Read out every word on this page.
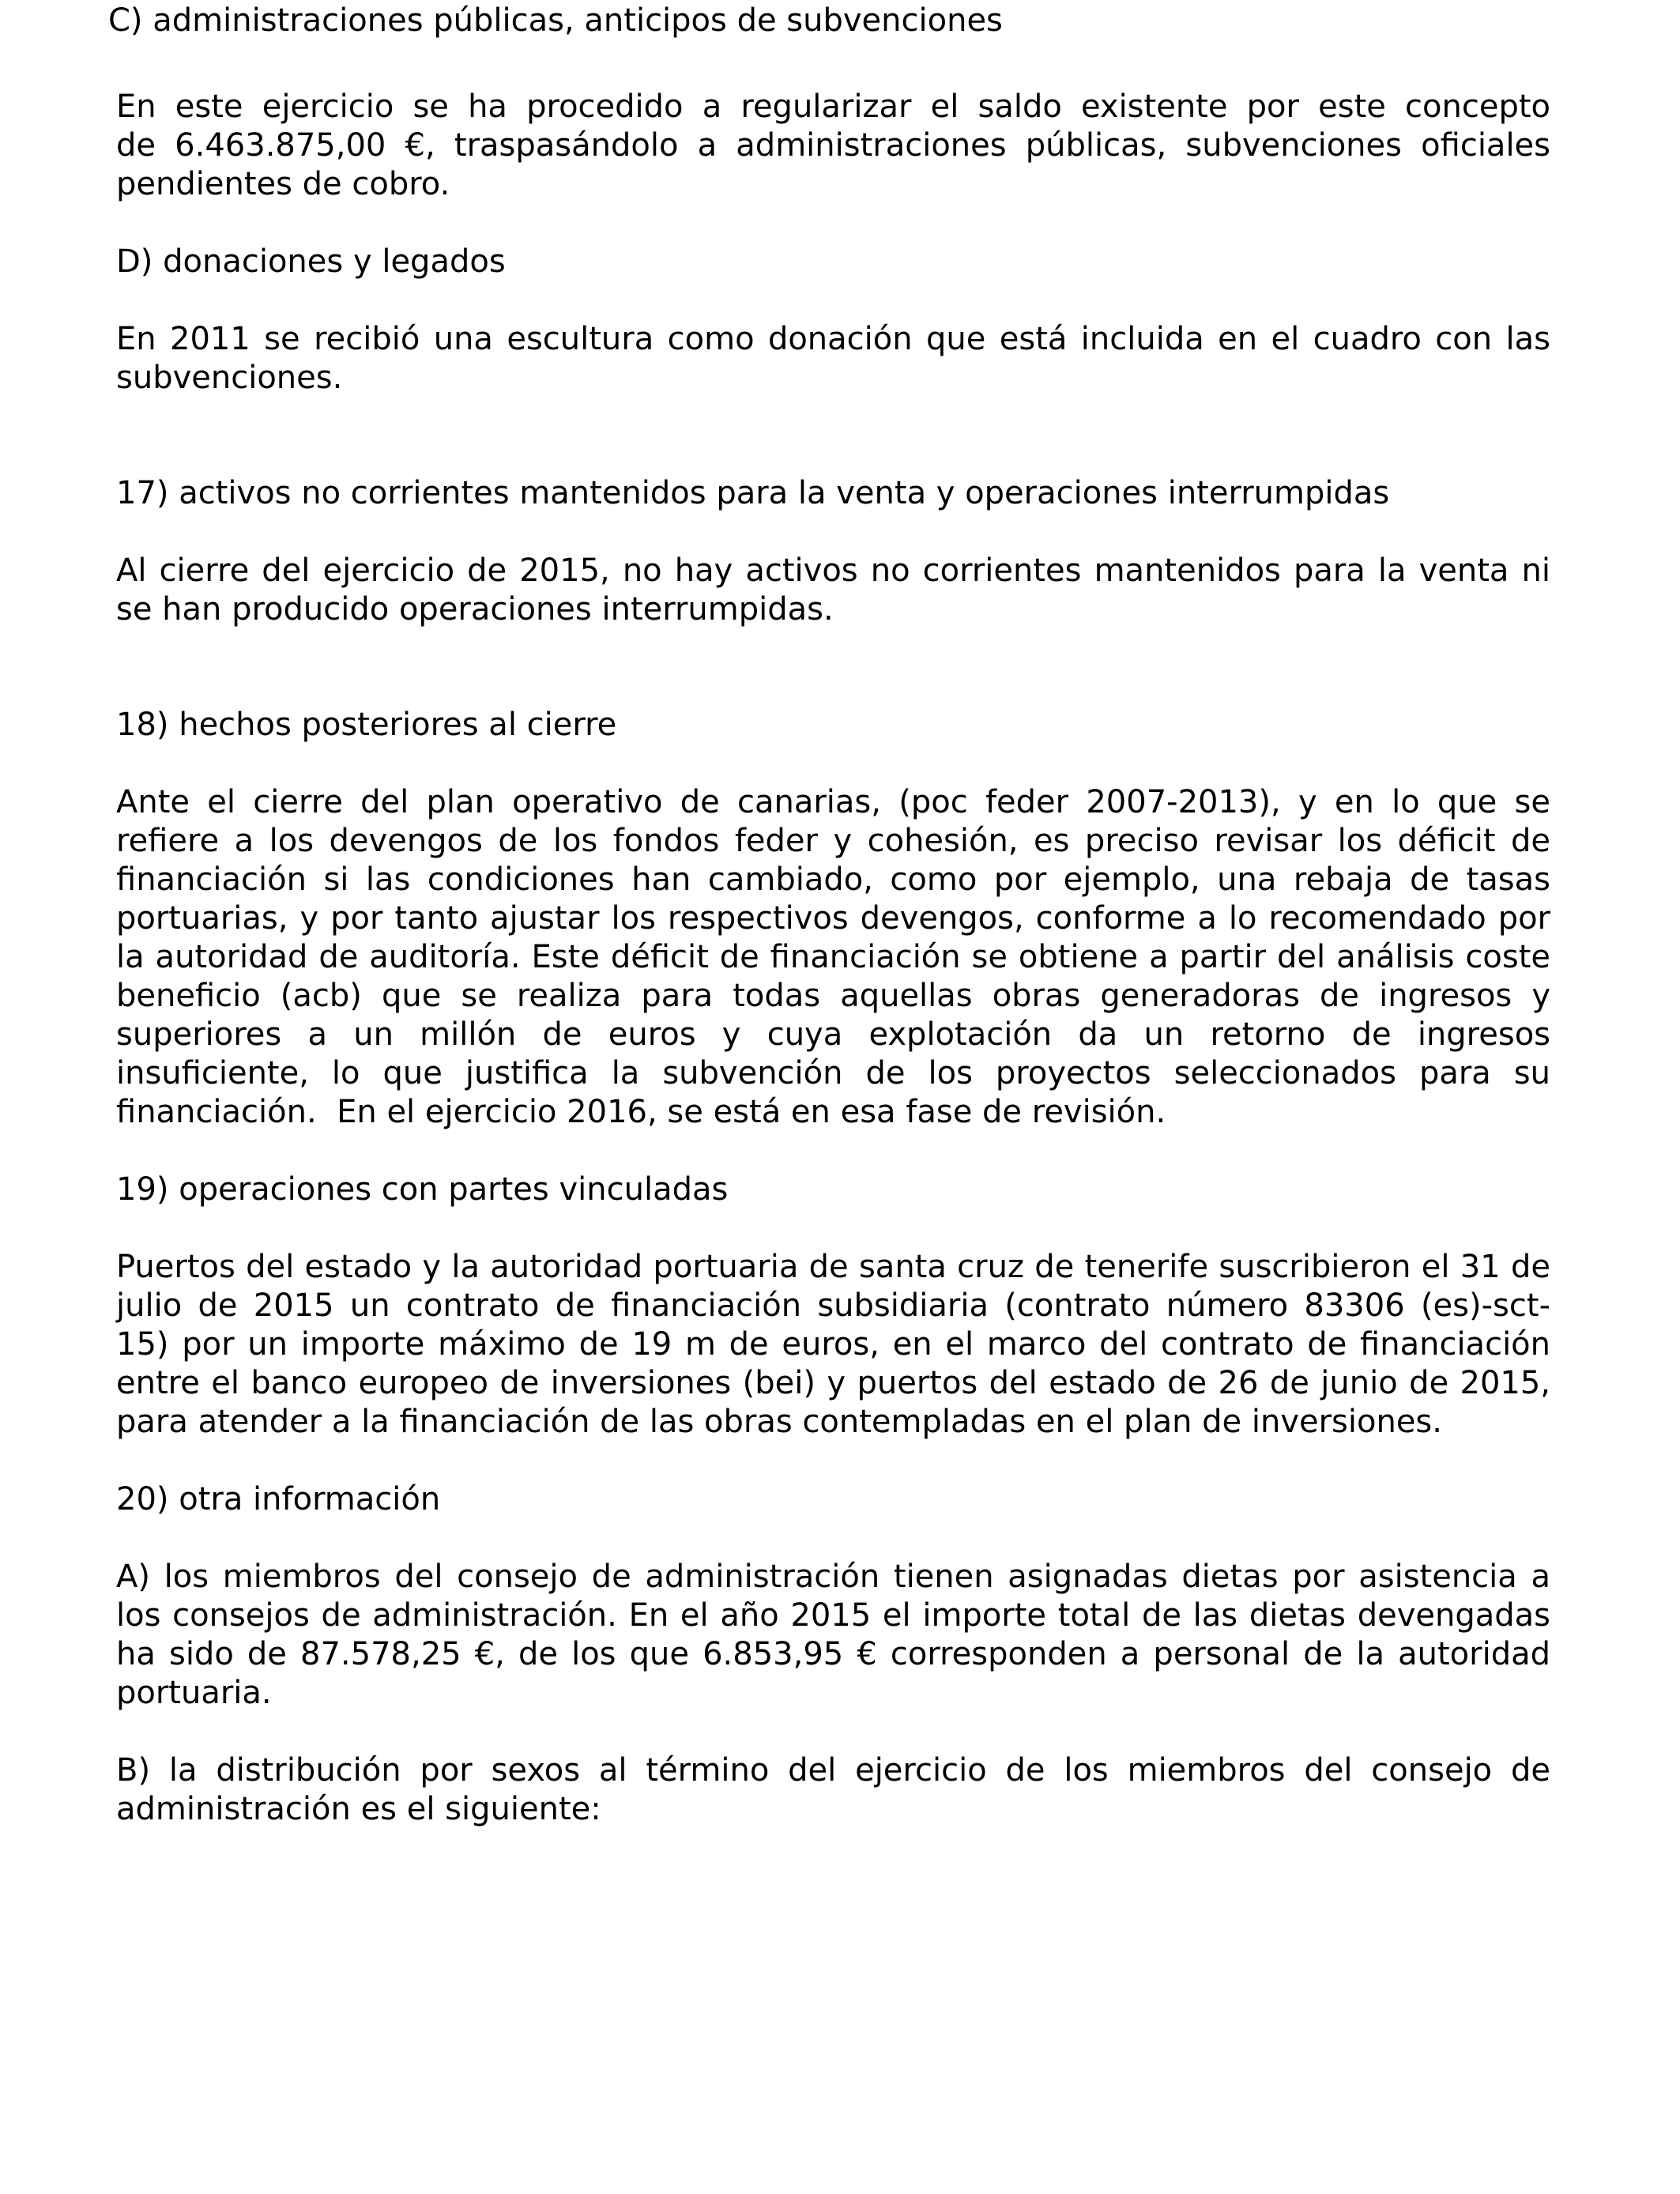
C) administraciones públicas, anticipos de subvenciones

En este ejercicio se ha procedido a regularizar el saldo existente por este concepto

de 6.463.875,00 €, traspasándolo a administraciones públicas, subvenciones oficiales

pendientes de cobro.

D) donaciones y legados

En 2011 se recibió una escultura como donación que está incluida en el cuadro con las

subvenciones.

17) activos no corrientes mantenidos para la venta y operaciones interrumpidas

Al cierre del ejercicio de 2015, no hay activos no corrientes mantenidos para la venta ni

se han producido operaciones interrumpidas.

18) hechos posteriores al cierre

Ante el cierre del plan operativo de canarias, (poc feder 2007-2013), y en lo que se

refiere a los devengos de los fondos feder y cohesión, es preciso revisar los déficit de

financiación si las condiciones han cambiado, como por ejemplo, una rebaja de tasas

portuarias, y por tanto ajustar los respectivos devengos, conforme a lo recomendado por

la autoridad de auditoría. Este déficit de financiación se obtiene a partir del análisis coste

beneficio (acb) que se realiza para todas aquellas obras generadoras de ingresos y

superiores a un millón de euros y cuya explotación da un retorno de ingresos

insuficiente, lo que justifica la subvención de los proyectos seleccionados para su

financiación.  En el ejercicio 2016, se está en esa fase de revisión.

19) operaciones con partes vinculadas

Puertos del estado y la autoridad portuaria de santa cruz de tenerife suscribieron el 31 de

julio de 2015 un contrato de financiación subsidiaria (contrato número 83306 (es)-sct-

15) por un importe máximo de 19 m de euros, en el marco del contrato de financiación

entre el banco europeo de inversiones (bei) y puertos del estado de 26 de junio de 2015,

para atender a la financiación de las obras contempladas en el plan de inversiones.

20) otra información

A) los miembros del consejo de administración tienen asignadas dietas por asistencia a

los consejos de administración. En el año 2015 el importe total de las dietas devengadas

ha sido de 87.578,25 €, de los que 6.853,95 € corresponden a personal de la autoridad

portuaria.

B) la distribución por sexos al término del ejercicio de los miembros del consejo de

administración es el siguiente:
